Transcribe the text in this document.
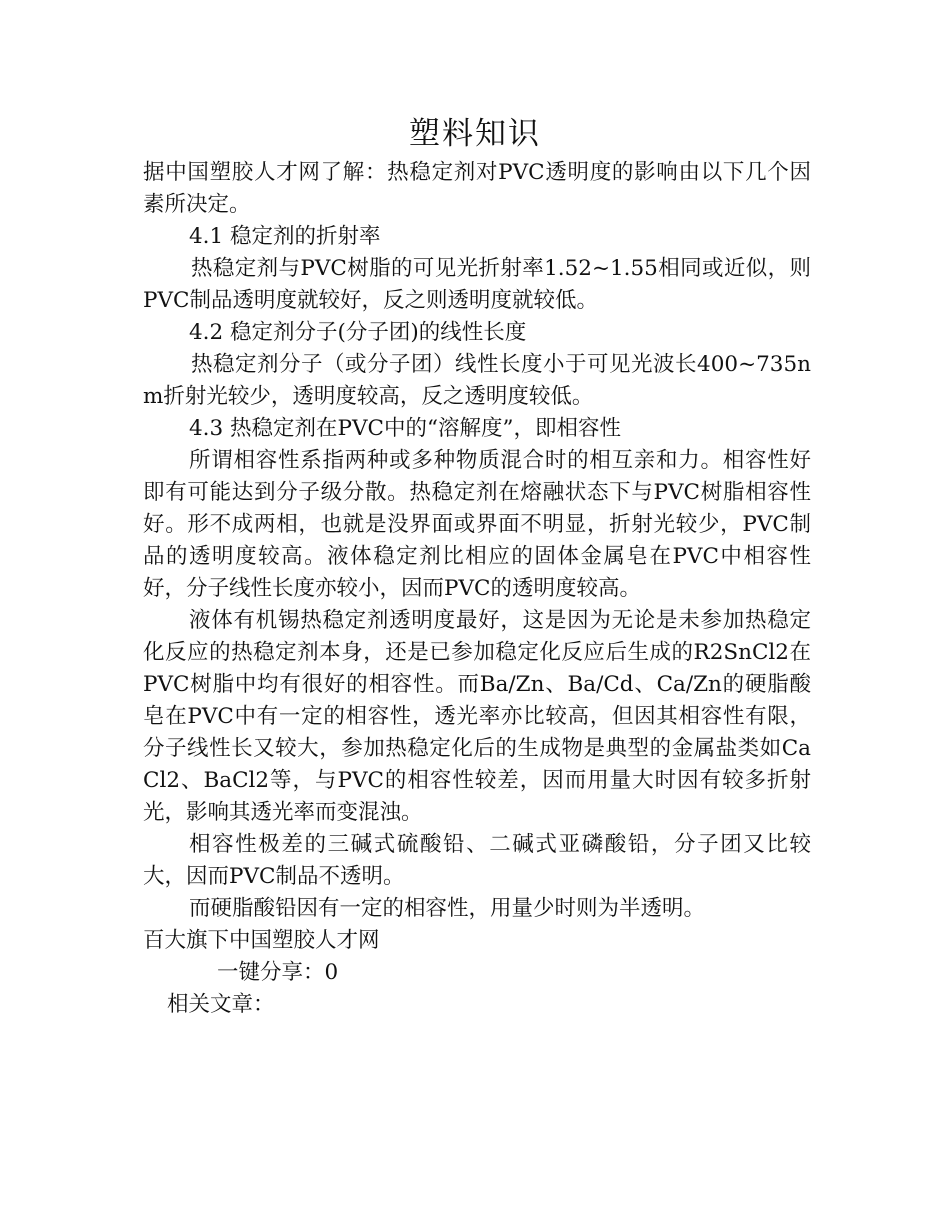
塑料知识

据中国塑胶人才网了解：热稳定剂对PVC透明度的影响由以下几个因素所决定。

4.1 稳定剂的折射率

热稳定剂与PVC树脂的可见光折射率1.52~1.55相同或近似，则PVC制品透明度就较好，反之则透明度就较低。

4.2 稳定剂分子(分子团)的线性长度

热稳定剂分子（或分子团）线性长度小于可见光波长400~735nm折射光较少，透明度较高，反之透明度较低。

4.3 热稳定剂在PVC中的“溶解度”，即相容性

所谓相容性系指两种或多种物质混合时的相互亲和力。相容性好即有可能达到分子级分散。热稳定剂在熔融状态下与PVC树脂相容性好。形不成两相，也就是没界面或界面不明显，折射光较少，PVC制品的透明度较高。液体稳定剂比相应的固体金属皂在PVC中相容性好，分子线性长度亦较小，因而PVC的透明度较高。

液体有机锡热稳定剂透明度最好，这是因为无论是未参加热稳定化反应的热稳定剂本身，还是已参加稳定化反应后生成的R2SnCl2在PVC树脂中均有很好的相容性。而Ba/Zn、Ba/Cd、Ca/Zn的硬脂酸皂在PVC中有一定的相容性，透光率亦比较高，但因其相容性有限，分子线性长又较大，参加热稳定化后的生成物是典型的金属盐类如CaCl2、BaCl2等，与PVC的相容性较差，因而用量大时因有较多折射光，影响其透光率而变混浊。

相容性极差的三碱式硫酸铅、二碱式亚磷酸铅，分子团又比较大，因而PVC制品不透明。

而硬脂酸铅因有一定的相容性，用量少时则为半透明。

百大旗下中国塑胶人才网

一键分享：0

相关文章：
